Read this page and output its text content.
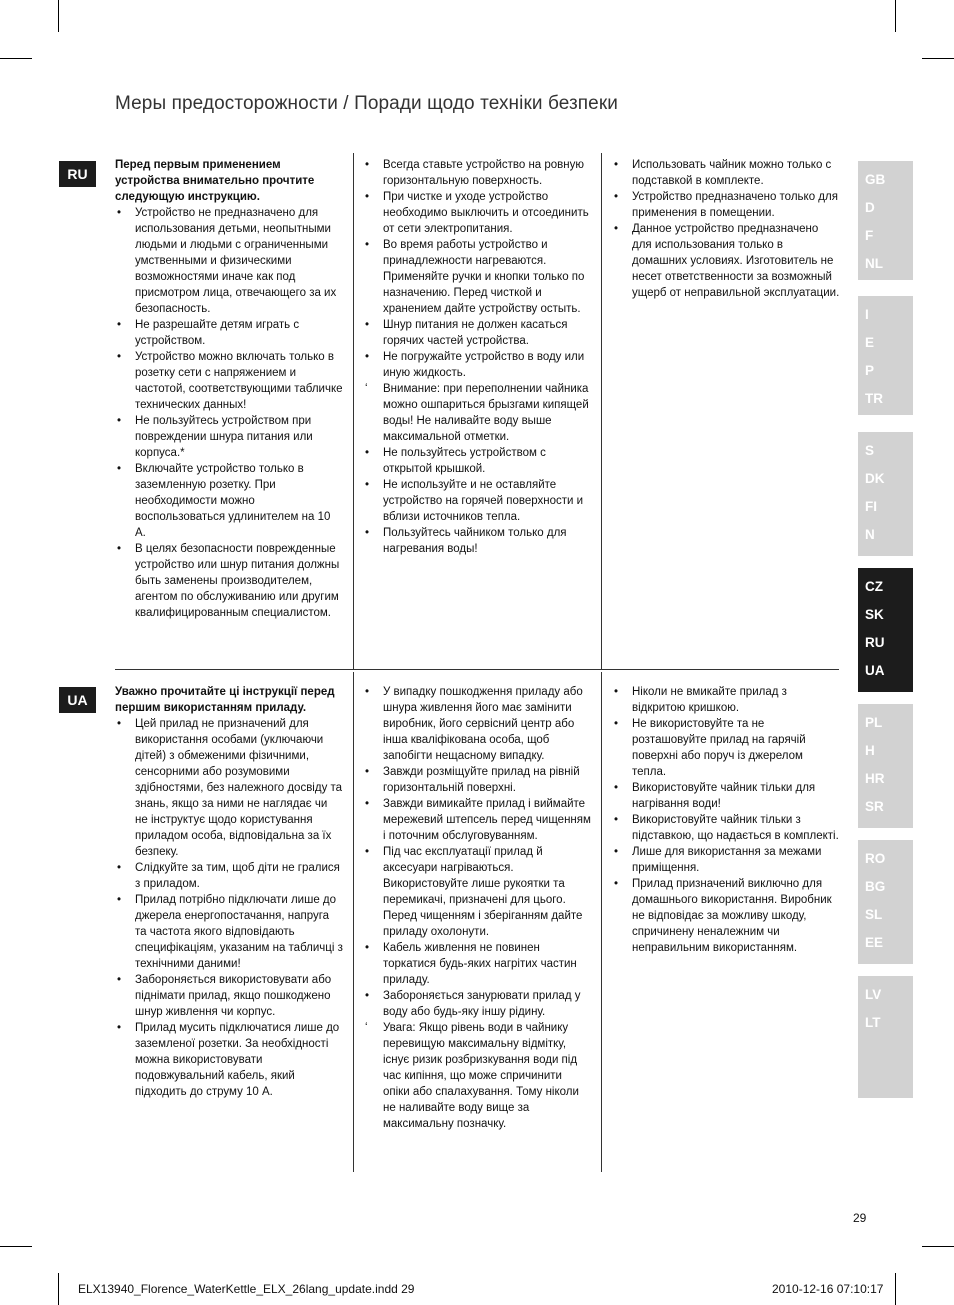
Меры предосторожности / Поради щодо техніки безпеки
RU
Перед первым применением устройства внимательно прочтите следующую инструкцию.
• Устройство не предназначено для использования детьми, неопытными людьми и людьми с ограниченными умственными и физическими возможностями иначе как под присмотром лица, отвечающего за их безопасность.
• Не разрешайте детям играть с устройством.
• Устройство можно включать только в розетку сети с напряжением и частотой, соответствующими табличке технических данных!
• Не пользуйтесь устройством при повреждении шнура питания или корпуса.*
• Включайте устройство только в заземленную розетку. При необходимости можно воспользоваться удлинителем на 10 А.
• В целях безопасности поврежденные устройство или шнур питания должны быть заменены производителем, агентом по обслуживанию или другим квалифицированным специалистом.
• Всегда ставьте устройство на ровную горизонтальную поверхность.
• При чистке и уходе устройство необходимо выключить и отсоединить от сети электропитания.
• Во время работы устройство и принадлежности нагреваются. Применяйте ручки и кнопки только по назначению. Перед чисткой и хранением дайте устройству остыть.
• Шнур питания не должен касаться горячих частей устройства.
• Не погружайте устройство в воду или иную жидкость.
ʻ Внимание: при переполнении чайника можно ошпариться брызгами кипящей воды! Не наливайте воду выше максимальной отметки.
• Не пользуйтесь устройством с открытой крышкой.
• Не используйте и не оставляйте устройство на горячей поверхности и вблизи источников тепла.
• Пользуйтесь чайником только для нагревания воды!
• Использовать чайник можно только с подставкой в комплекте.
• Устройство предназначено только для применения в помещении.
• Данное устройство предназначено для использования только в домашних условиях. Изготовитель не несет ответственности за возможный ущерб от неправильной эксплуатации.
UA	Уважно прочитайте ці інструкції перед першим використанням приладу.
• Цей прилад не призначений для використання особами (уключаючи дітей) з обмеженими фізичними, сенсорними або розумовими здібностями, без належного досвіду та знань, якщо за ними не наглядає чи не інструктує щодо користування приладом особа, відповідальна за їх безпеку.
• Слідкуйте за тим, щоб діти не гралися з приладом.
• Прилад потрібно підключати лише до джерела енергопостачання, напруга та частота якого відповідають специфікаціям, указаним на табличці з технічними даними!
• Забороняється використовувати або піднімати прилад, якщо пошкоджено шнур живлення чи корпус.
• Прилад мусить підключатися лише до заземленої розетки. За необхідності можна використовувати подовжувальний кабель, який підходить до струму 10 А.
• У випадку пошкодження приладу або шнура живлення його має замінити виробник, його сервісний центр або інша кваліфікована особа, щоб запобігти нещасному випадку.
• Завжди розміщуйте прилад на рівній горизонтальній поверхні.
• Завжди вимикайте прилад і виймайте мережевий штепсель перед чищенням і поточним обслуговуванням.
• Під час експлуатації прилад й аксесуари нагріваються. Використовуйте лише рукоятки та перемикачі, призначені для цього. Перед чищенням і зберіганням дайте приладу охолонути.
• Кабель живлення не повинен торкатися будь-яких нагрітих частин приладу.
• Забороняється занурювати прилад у воду або будь-яку іншу рідину.
ʻ Увага: Якщо рівень води в чайнику перевищую максимальну відмітку, існує ризик розбризкування води під час кипіння, що може спричинити опіки або спалахування. Тому ніколи не наливайте воду вище за максимальну позначку.
• Ніколи не вмикайте прилад з відкритою кришкою.
• Не використовуйте та не розташовуйте прилад на гарячій поверхні або поруч із джерелом тепла.
• Використовуйте чайник тільки для нагрівання води!
• Використовуйте чайник тільки з підставкою, що надається в комплекті.
• Лише для використання за межами приміщення.
• Прилад призначений виключно для домашнього використання. Виробник не відповідає за можливу шкоду, спричинену неналежним чи неправильним використанням.
GB
D
F
NL
I
E
P
TR
S
DK
FI
N
CZ
SK
RU
UA
PL
H
HR
SR
RO
BG
SL
EE
LV
LT
29
ELX13940_Florence_WaterKettle_ELX_26lang_update.indd 29	2010-12-16 07:10:17
